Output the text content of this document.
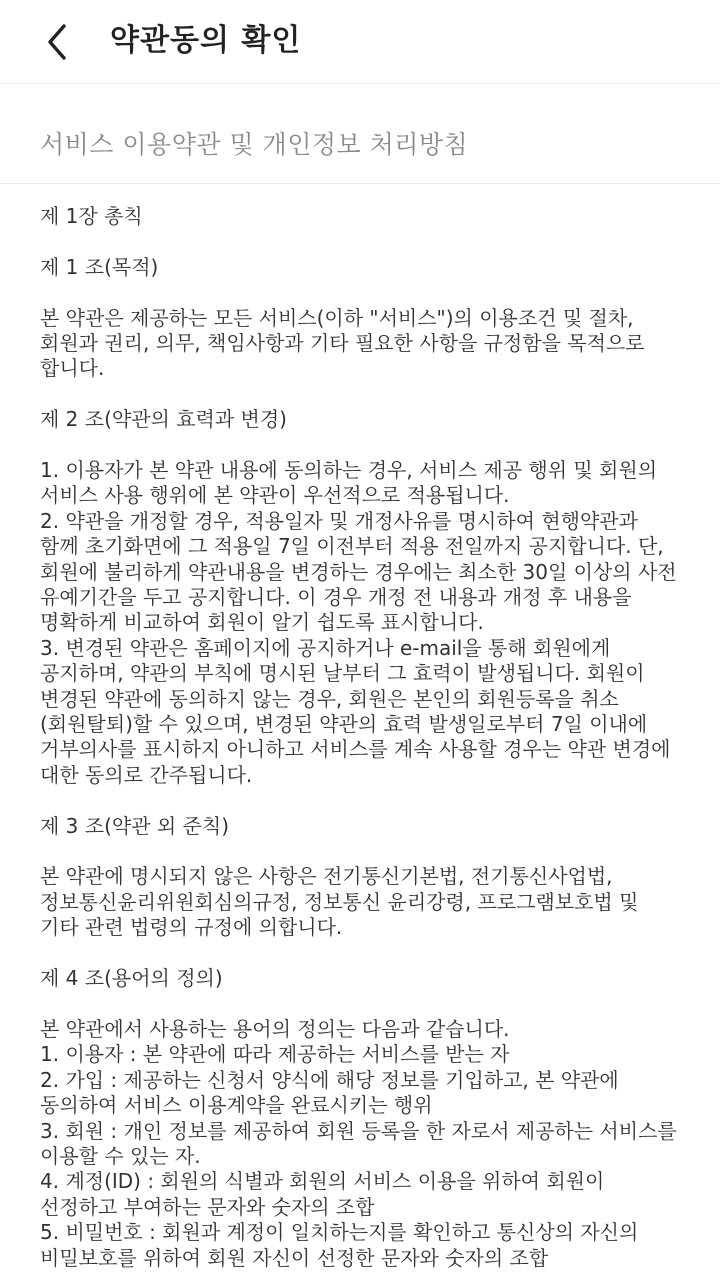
약관동의 확인
서비스 이용약관 및 개인정보 처리방침

제 1장 총칙

제 1 조(목적)

본 약관은 제공하는 모든 서비스(이하 "서비스")의 이용조건 및 절차, 회원과 권리, 의무, 책임사항과 기타 필요한 사항을 규정함을 목적으로 합니다.

제 2 조(약관의 효력과 변경)

1. 이용자가 본 약관 내용에 동의하는 경우, 서비스 제공 행위 및 회원의 서비스 사용 행위에 본 약관이 우선적으로 적용됩니다.

2. 약관을 개정할 경우, 적용일자 및 개정사유를 명시하여 현행약관과 함께 초기화면에 그 적용일 7일 이전부터 적용 전일까지 공지합니다. 단, 회원에 불리하게 약관내용을 변경하는 경우에는 최소한 30일 이상의 사전 유예기간을 두고 공지합니다. 이 경우 개정 전 내용과 개정 후 내용을 명확하게 비교하여 회원이 알기 쉽도록 표시합니다.

3. 변경된 약관은 홈페이지에 공지하거나 e-mail을 통해 회원에게 공지하며, 약관의 부칙에 명시된 날부터 그 효력이 발생됩니다. 회원이 변경된 약관에 동의하지 않는 경우, 회원은 본인의 회원등록을 취소(회원탈퇴)할 수 있으며, 변경된 약관의 효력 발생일로부터 7일 이내에 거부의사를 표시하지 아니하고 서비스를 계속 사용할 경우는 약관 변경에 대한 동의로 간주됩니다.

제 3 조(약관 외 준칙)

본 약관에 명시되지 않은 사항은 전기통신기본법, 전기통신사업법, 정보통신윤리위원회심의규정, 정보통신 윤리강령, 프로그램보호법 및 기타 관련 법령의 규정에 의합니다.

제 4 조(용어의 정의)

본 약관에서 사용하는 용어의 정의는 다음과 같습니다.

1. 이용자 : 본 약관에 따라 제공하는 서비스를 받는 자

2. 가입 : 제공하는 신청서 양식에 해당 정보를 기입하고, 본 약관에 동의하여 서비스 이용계약을 완료시키는 행위

3. 회원 : 개인 정보를 제공하여 회원 등록을 한 자로서 제공하는 서비스를 이용할 수 있는 자.

4. 계정(ID) : 회원의 식별과 회원의 서비스 이용을 위하여 회원이 선정하고 부여하는 문자와 숫자의 조합

5. 비밀번호 : 회원과 계정이 일치하는지를 확인하고 통신상의 자신의 비밀보호를 위하여 회원 자신이 선정한 문자와 숫자의 조합
